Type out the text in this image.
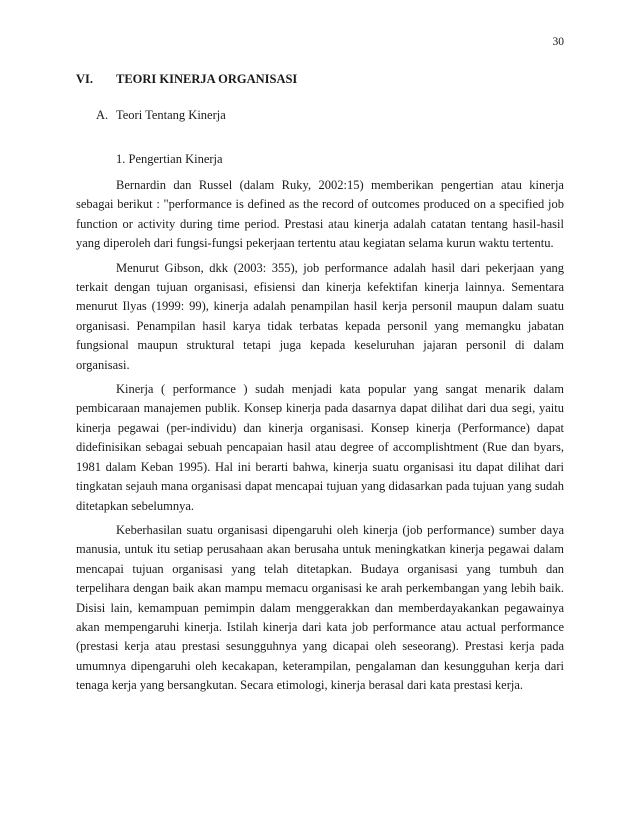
30
VI. TEORI KINERJA ORGANISASI
A. Teori Tentang Kinerja
1. Pengertian Kinerja

Bernardin dan Russel (dalam Ruky, 2002:15) memberikan pengertian atau kinerja sebagai berikut : "performance is defined as the record of outcomes produced on a specified job function or activity during time period. Prestasi atau kinerja adalah catatan tentang hasil-hasil yang diperoleh dari fungsi-fungsi pekerjaan tertentu atau kegiatan selama kurun waktu tertentu.

Menurut Gibson, dkk (2003: 355), job performance adalah hasil dari pekerjaan yang terkait dengan tujuan organisasi, efisiensi dan kinerja kefektifan kinerja lainnya. Sementara menurut Ilyas (1999: 99), kinerja adalah penampilan hasil kerja personil maupun dalam suatu organisasi. Penampilan hasil karya tidak terbatas kepada personil yang memangku jabatan fungsional maupun struktural tetapi juga kepada keseluruhan jajaran personil di dalam organisasi.

Kinerja ( performance ) sudah menjadi kata popular yang sangat menarik dalam pembicaraan manajemen publik. Konsep kinerja pada dasarnya dapat dilihat dari dua segi, yaitu kinerja pegawai (per-individu) dan kinerja organisasi. Konsep kinerja (Performance) dapat didefinisikan sebagai sebuah pencapaian hasil atau degree of accomplishtment (Rue dan byars, 1981 dalam Keban 1995). Hal ini berarti bahwa, kinerja suatu organisasi itu dapat dilihat dari tingkatan sejauh mana organisasi dapat mencapai tujuan yang didasarkan pada tujuan yang sudah ditetapkan sebelumnya.

Keberhasilan suatu organisasi dipengaruhi oleh kinerja (job performance) sumber daya manusia, untuk itu setiap perusahaan akan berusaha untuk meningkatkan kinerja pegawai dalam mencapai tujuan organisasi yang telah ditetapkan. Budaya organisasi yang tumbuh dan terpelihara dengan baik akan mampu memacu organisasi ke arah perkembangan yang lebih baik. Disisi lain, kemampuan pemimpin dalam menggerakkan dan memberdayakankan pegawainya akan mempengaruhi kinerja. Istilah kinerja dari kata job performance atau actual performance (prestasi kerja atau prestasi sesungguhnya yang dicapai oleh seseorang). Prestasi kerja pada umumnya dipengaruhi oleh kecakapan, keterampilan, pengalaman dan kesungguhan kerja dari tenaga kerja yang bersangkutan. Secara etimologi, kinerja berasal dari kata prestasi kerja.
